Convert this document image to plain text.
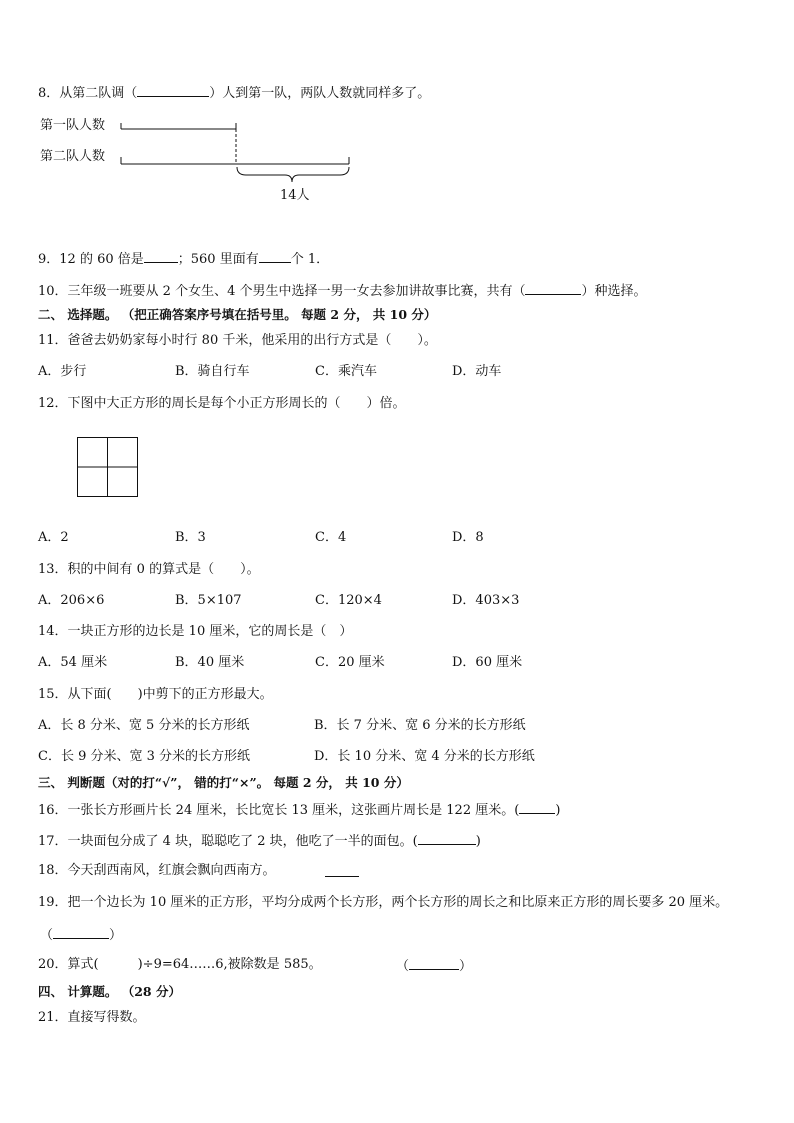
8．从第二队调（	）人到第一队，两队人数就同样多了。
第一队人数
第二队人数
14人
9．12 的 60 倍是	；560 里面有 个 1．
10．三年级一班要从 2 个女生、4 个男生中选择一男一女去参加讲故事比赛，共有（	）种选择。
二、 选择题。 （把正确答案序号填在括号里。 每题 2 分， 共 10 分）
11．爸爸去奶奶家每小时行 80 千米，他采用的出行方式是（　　）。
A．步行	B．骑自行车	C．乘汽车	D．动车
12．下图中大正方形的周长是每个小正方形周长的（　　）倍。
A．2	B．3	C．4	D．8
13．积的中间有 0 的算式是（　　）。
A．206×6	B．5×107	C．120×4	D．403×3
14．一块正方形的边长是 10 厘米，它的周长是（　）
A．54 厘米	B．40 厘米	C．20 厘米	D．60 厘米
15．从下面(　　)中剪下的正方形最大。
A．长 8 分米、宽 5 分米的长方形纸	B．长 7 分米、宽 6 分米的长方形纸
C．长 9 分米、宽 3 分米的长方形纸	D．长 10 分米、宽 4 分米的长方形纸
三、 判断题（对的打“√”， 错的打“×”。 每题 2 分， 共 10 分）
16．一张长方形画片长 24 厘米，长比宽长 13 厘米，这张画片周长是 122 厘米。(	)
17．一块面包分成了 4 块，聪聪吃了 2 块，他吃了一半的面包。(	)
18．今天刮西南风，红旗会飘向西南方。
19．把一个边长为 10 厘米的正方形，平均分成两个长方形，两个长方形的周长之和比原来正方形的周长要多 20 厘米。
（	）
20．算式(　　　)÷9=64……6,被除数是 585。	（	）
四、 计算题。 （28 分）
21．直接写得数。
